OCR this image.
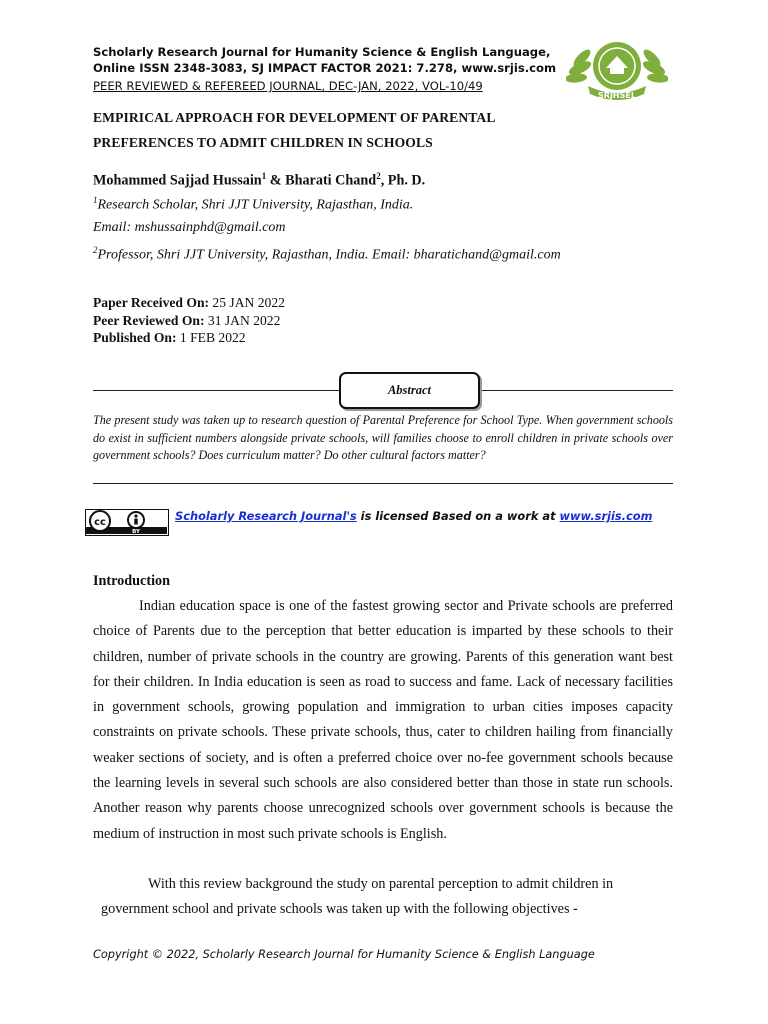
Scholarly Research Journal for Humanity Science & English Language,
Online ISSN 2348-3083, SJ IMPACT FACTOR 2021: 7.278, www.srjis.com
PEER REVIEWED & REFEREED JOURNAL, DEC-JAN, 2022, VOL-10/49
SRJHSEL
EMPIRICAL APPROACH FOR DEVELOPMENT OF PARENTAL
PREFERENCES TO ADMIT CHILDREN IN SCHOOLS
Mohammed Sajjad Hussain$^1$ & Bharati Chand$^2$, Ph. D.
$^1$Research Scholar, Shri JJT University, Rajasthan, India.
Email: mshussainphd@gmail.com
$^2$Professor, Shri JJT University, Rajasthan, India. Email: bharatichand@gmail.com
Paper Received On: 25 JAN 2022
Peer Reviewed On: 31 JAN 2022
Published On: 1 FEB 2022
Abstract
The present study was taken up to research question of Parental Preference for School Type. When government schools do exist in sufficient numbers alongside private schools, will families choose to enroll children in private schools over government schools? Does curriculum matter? Do other cultural factors matter?
cc
BY
Scholarly Research Journal's is licensed Based on a work at www.srjis.com
Introduction

Indian education space is one of the fastest growing sector and Private schools are preferred choice of Parents due to the perception that better education is imparted by these schools to their children, number of private schools in the country are growing. Parents of this generation want best for their children. In India education is seen as road to success and fame. Lack of necessary facilities in government schools, growing population and immigration to urban cities imposes capacity constraints on private schools. These private schools, thus, cater to children hailing from financially weaker sections of society, and is often a preferred choice over no-fee government schools because the learning levels in several such schools are also considered better than those in state run schools. Another reason why parents choose unrecognized schools over government schools is because the medium of instruction in most such private schools is English.

With this review background the study on parental perception to admit children in
government school and private schools was taken up with the following objectives -
Copyright © 2022, Scholarly Research Journal for Humanity Science & English Language
